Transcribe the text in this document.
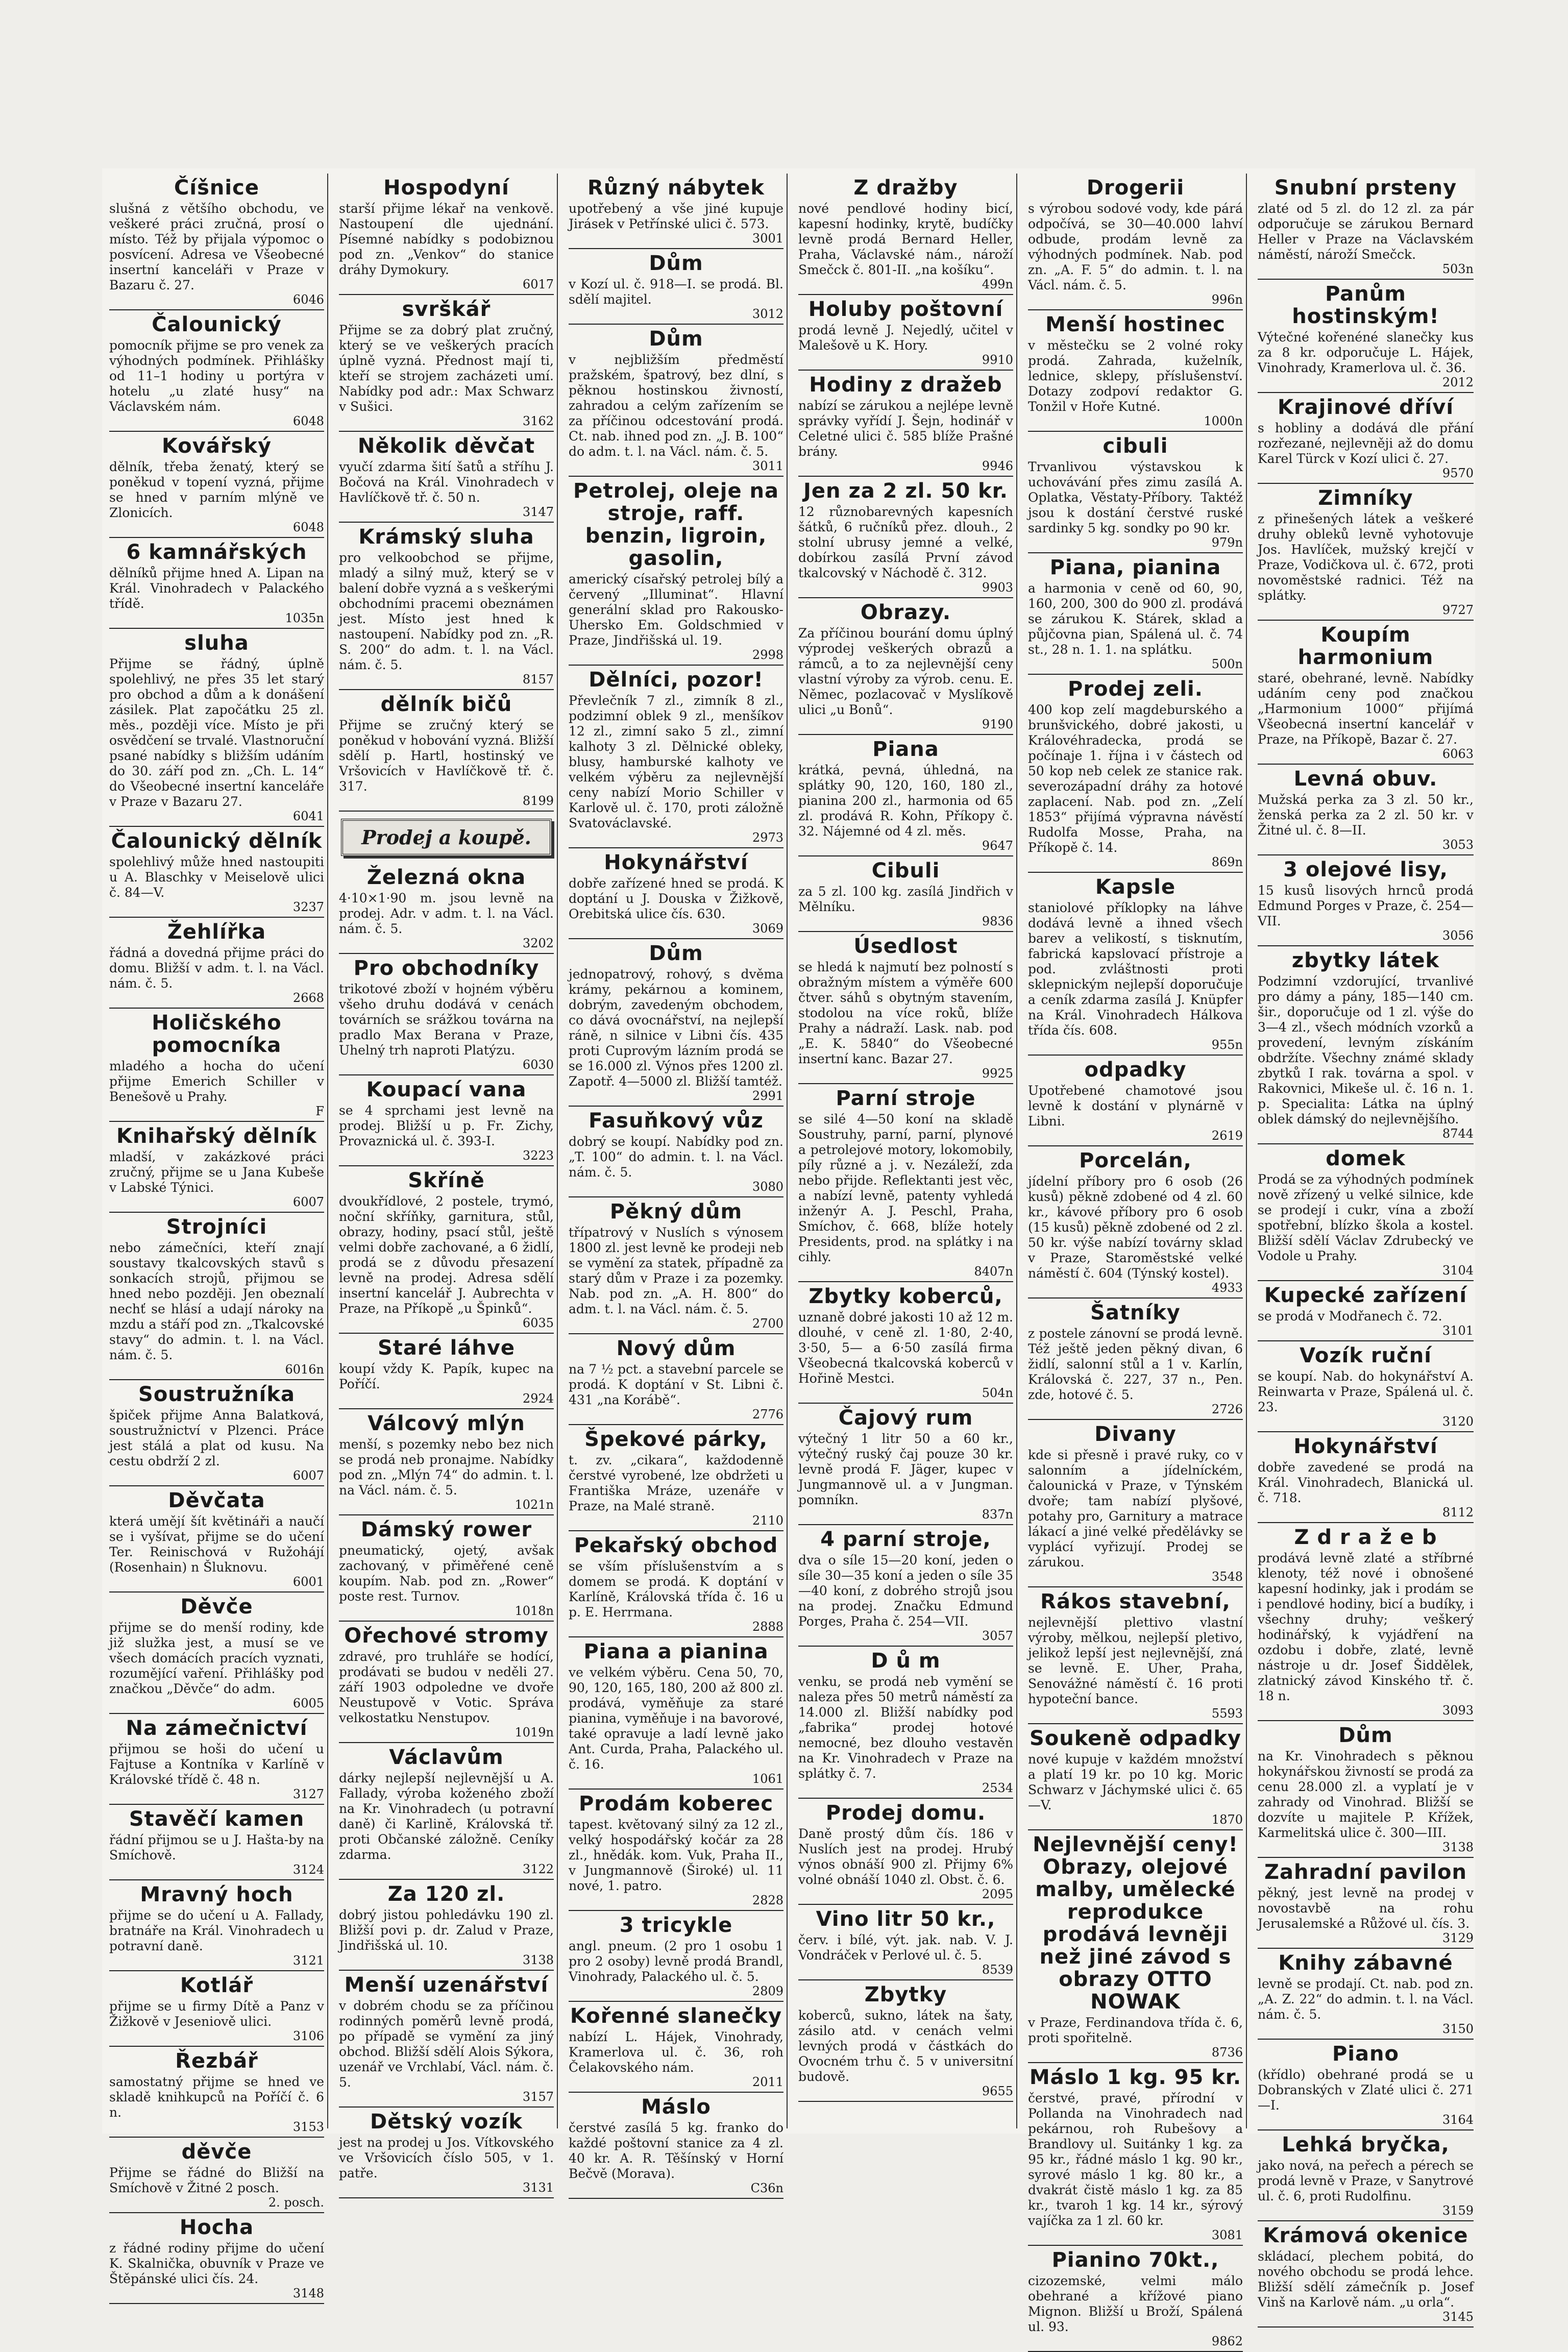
Číšnice

slušná z většího obchodu, ve veškeré práci zručná, prosí o místo. Též by přijala výpomoc o posvícení. Adresa ve Všeobecné insertní kanceláři v Praze v Bazaru č. 27.

6046
Čalounický

pomocník přijme se pro venek za výhodných podmínek. Přihlášky od 11–1 hodiny u portýra v hotelu „u zlaté husy“ na Václavském nám.

6048
Kovářský

dělník, třeba ženatý, který se poněkud v topení vyzná, přijme se hned v parním mlýně ve Zlonicích.

6048
6 kamnářských

dělníků přijme hned A. Lipan na Král. Vinohradech v Palackého třídě.

1035n
sluha

Přijme se řádný, úplně spolehlivý, ne přes 35 let starý pro obchod a dům a k donášení zásilek. Plat započátku 25 zl. měs., později více. Místo je při osvědčení se trvalé. Vlastnoruční psané nabídky s bližším udáním do 30. září pod zn. „Ch. L. 14“ do Všeobecné insertní kanceláře v Praze v Bazaru 27.

6041
Čalounický dělník

spolehlivý může hned nastoupiti u A. Blaschky v Meiselově ulici č. 84—V.

3237
Žehlířka

řádná a dovedná přijme práci do domu. Bližší v adm. t. l. na Václ. nám. č. 5.

2668
Holičského pomocníka

mladého a hocha do učení přijme Emerich Schiller v Benešově u Prahy.

F
Knihařský dělník

mladší, v zakázkové práci zručný, přijme se u Jana Kubeše v Labské Týnici.

6007
Strojníci

nebo zámečníci, kteří znají soustavy tkalcovských stavů s sonkacích strojů, přijmou se hned nebo později. Jen obeznalí nechť se hlásí a udají nároky na mzdu a stáří pod zn. „Tkalcovské stavy“ do admin. t. l. na Václ. nám. č. 5.

6016n
Soustružníka

špiček přijme Anna Balatková, soustružnictví v Plzenci. Práce jest stálá a plat od kusu. Na cestu obdrží 2 zl.

6007
Děvčata

která umějí šít květináři a naučí se i vyšívat, přijme se do učení Ter. Reinischová v Ružohájí (Rosenhain) n Šluknovu.

6001
Děvče

přijme se do menší rodiny, kde již služka jest, a musí se ve všech domácích pracích vyznati, rozumějící vaření. Přihlášky pod značkou „Děvče“ do adm.

6005
Na zámečnictví

přijmou se hoši do učení u Fajtuse a Kontníka v Karlíně v Královské třídě č. 48 n.

3127
Stavěčí kamen

řádní přijmou se u J. Hašta-by na Smíchově.

3124
Mravný hoch

přijme se do učení u A. Fallady, bratnáře na Král. Vinohradech u potravní daně.

3121
Kotlář

přijme se u firmy Dítě a Panz v Žižkově v Jeseniově ulici.

3106
Řezbář

samostatný přijme se hned ve skladě knihkupců na Poříčí č. 6 n.

3153
děvče

Přijme se řádné do Bližší na Smíchově v Žitné 2 posch.

2. posch.
Hocha

z řádné rodiny přijme do učení K. Skalnička, obuvník v Praze ve Štěpánské ulici čís. 24.

3148
Hospodyní

starší přijme lékař na venkově. Nastoupení dle ujednání. Písemné nabídky s podobiznou pod zn. „Venkov“ do stanice dráhy Dymokury.

6017
svrškář

Přijme se za dobrý plat zručný, který se ve veškerých pracích úplně vyzná. Přednost mají ti, kteří se strojem zacházeti umí. Nabídky pod adr.: Max Schwarz v Sušici.

3162
Několik děvčat

vyučí zdarma šití šatů a stříhu J. Bočová na Král. Vinohradech v Havlíčkově tř. č. 50 n.

3147
Krámský sluha

pro velkoobchod se přijme, mladý a silný muž, který se v balení dobře vyzná a s veškerými obchodními pracemi obeznámen jest. Místo jest hned k nastoupení. Nabídky pod zn. „R. S. 200“ do adm. t. l. na Václ. nám. č. 5.

8157
dělník bičů

Přijme se zručný který se poněkud v hobování vyzná. Bližší sdělí p. Hartl, hostinský ve Vršovicích v Havlíčkově tř. č. 317.

8199
Prodej a koupě.
Železná okna

4·10×1·90 m. jsou levně na prodej. Adr. v adm. t. l. na Václ. nám. č. 5.

3202
Pro obchodníky

trikotové zboží v hojném výběru všeho druhu dodává v cenách továrních se srážkou továrna na pradlo Max Berana v Praze, Uhelný trh naproti Platýzu.

6030
Koupací vana

se 4 sprchami jest levně na prodej. Bližší u p. Fr. Zichy, Provaznická ul. č. 393-I.

3223
Skříně

dvoukřídlové, 2 postele, trymó, noční skříňky, garnitura, stůl, obrazy, hodiny, psací stůl, ještě velmi dobře zachované, a 6 židlí, prodá se z důvodu přesazení levně na prodej. Adresa sdělí insertní kancelář J. Aubrechta v Praze, na Příkopě „u Špinků“.

6035
Staré láhve

koupí vždy K. Papík, kupec na Poříčí.

2924
Válcový mlýn

menší, s pozemky nebo bez nich se prodá neb pronajme. Nabídky pod zn. „Mlýn 74“ do admin. t. l. na Václ. nám. č. 5.

1021n
Dámský rower

pneumatický, ojetý, avšak zachovaný, v přiměřené ceně koupím. Nab. pod zn. „Rower“ poste rest. Turnov.

1018n
Ořechové stromy

zdravé, pro truhláře se hodící, prodávati se budou v neděli 27. září 1903 odpoledne ve dvoře Neustupově v Votic. Správa velkostatku Nenstupov.

1019n
Václavům

dárky nejlepší nejlevnější u A. Fallady, výroba koženého zboží na Kr. Vinohradech (u potravní daně) či Karlině, Královská tř. proti Občanské záložně. Ceníky zdarma.

3122
Za 120 zl.

dobrý jistou pohledávku 190 zl. Bližší povi p. dr. Zalud v Praze, Jindřišská ul. 10.

3138
Menší uzenářství

v dobrém chodu se za příčinou rodinných poměrů levně prodá, po případě se vymění za jiný obchod. Bližší sdělí Alois Sýkora, uzenář ve Vrchlabí, Václ. nám. č. 5.

3157
Dětský vozík

jest na prodej u Jos. Vítkovského ve Vršovicích číslo 505, v 1. patře.

3131
Různý nábytek

upotřebený a vše jiné kupuje Jirásek v Petřínské ulici č. 573.

3001
Dům

v Kozí ul. č. 918—I. se prodá. Bl. sdělí majitel.

3012
Dům

v nejbližším předměstí pražském, špatrový, bez dlní, s pěknou hostinskou živností, zahradou a celým zařízením se za příčinou odcestování prodá. Ct. nab. ihned pod zn. „J. B. 100“ do adm. t. l. na Václ. nám. č. 5.

3011
Petrolej, oleje na stroje, raff. benzin, ligroin, gasolin,

americký císařský petrolej bílý a červený „Illuminat“. Hlavní generální sklad pro Rakousko-Uhersko Em. Goldschmied v Praze, Jindřišská ul. 19.

2998
Dělníci, pozor!

Převlečník 7 zl., zimník 8 zl., podzimní oblek 9 zl., menšíkov 12 zl., zimní sako 5 zl., zimní kalhoty 3 zl. Dělnické obleky, blusy, hamburské kalhoty ve velkém výběru za nejlevnější ceny nabízí Morio Schiller v Karlově ul. č. 170, proti záložně Svatováclavské.

2973
Hokynářství

dobře zařízené hned se prodá. K doptání u J. Douska v Žižkově, Orebitská ulice čís. 630.

3069
Dům

jednopatrový, rohový, s dvěma krámy, pekárnou a kominem, dobrým, zavedeným obchodem, co dává ovocnářství, na nejlepší ráně, n silnice v Libni čís. 435 proti Cuprovým lázním prodá se se 16.000 zl. Výnos přes 1200 zl. Zapotř. 4—5000 zl. Bližší tamtéž.

2991
Fasuňkový vůz

dobrý se koupí. Nabídky pod zn. „T. 100“ do admin. t. l. na Václ. nám. č. 5.

3080
Pěkný dům

třípatrový v Nuslích s výnosem 1800 zl. jest levně ke prodeji neb se vymění za statek, případně za starý dům v Praze i za pozemky. Nab. pod zn. „A. H. 800“ do adm. t. l. na Václ. nám. č. 5.

2700
Nový dům

na 7 ½ pct. a stavební parcele se prodá. K doptání v St. Libni č. 431 „na Korábě“.

2776
Špekové párky,

t. zv. „cikara“, každodenně čerstvé vyrobené, lze obdržeti u Františka Mráze, uzenáře v Praze, na Malé straně.

2110
Pekařský obchod

se vším příslušenstvím a s domem se prodá. K doptání v Karlíně, Královská třída č. 16 u p. E. Herrmana.

2888
Piana a pianina

ve velkém výběru. Cena 50, 70, 90, 120, 165, 180, 200 až 800 zl. prodává, vyměňuje za staré pianina, vyměňuje i na bavorové, také opravuje a ladí levně jako Ant. Curda, Praha, Palackého ul. č. 16.

1061
Prodám koberec

tapest. květovaný silný za 12 zl., velký hospodářský kočár za 28 zl., hnědák. kom. Vuk, Praha II., v Jungmannově (Široké) ul. 11 nové, 1. patro.

2828
3 tricykle

angl. pneum. (2 pro 1 osobu 1 pro 2 osoby) levně prodá Brandl, Vinohrady, Palackého ul. č. 5.

2809
Kořenné slanečky

nabízí L. Hájek, Vinohrady, Kramerlova ul. č. 36, roh Čelakovského nám.

2011
Máslo

čerstvé zasílá 5 kg. franko do každé poštovní stanice za 4 zl. 40 kr. A. R. Těšínský v Horní Bečvě (Morava).

C36n
Z dražby

nové pendlové hodiny bicí, kapesní hodinky, krytě, budíčky levně prodá Bernard Heller, Praha, Václavské nám., nároží Smečck č. 801-II. „na košíku“.

499n
Holuby poštovní

prodá levně J. Nejedlý, učitel v Malešově u K. Hory.

9910
Hodiny z dražeb

nabízí se zárukou a nejlépe levně správky vyřídí J. Šejn, hodinář v Celetné ulici č. 585 blíže Prašné brány.

9946
Jen za 2 zl. 50 kr.

12 různobarevných kapesních šátků, 6 ručníků přez. dlouh., 2 stolní ubrusy jemné a velké, dobírkou zasílá První závod tkalcovský v Náchodě č. 312.

9903
Obrazy.

Za příčinou bourání domu úplný výprodej veškerých obrazů a rámců, a to za nejlevnější ceny vlastní výroby za výrob. cenu. E. Němec, pozlacovač v Myslíkově ulici „u Bonů“.

9190
Piana

krátká, pevná, úhledná, na splátky 90, 120, 160, 180 zl., pianina 200 zl., harmonia od 65 zl. prodává R. Kohn, Příkopy č. 32. Nájemné od 4 zl. měs.

9647
Cibuli

za 5 zl. 100 kg. zasílá Jindřich v Mělníku.

9836
Úsedlost

se hledá k najmutí bez polností s obražným místem a výměře 600 čtver. sáhů s obytným stavením, stodolou na více roků, blíže Prahy a nádraží. Lask. nab. pod „E. K. 5840“ do Všeobecné insertní kanc. Bazar 27.

9925
Parní stroje

se silé 4—50 koní na skladě Soustruhy, parní, parní, plynové a petrolejové motory, lokomobily, píly různé a j. v. Nezáleží, zda nebo přijde. Reflektanti jest věc, a nabízí levně, patenty vyhledá inženýr A. J. Peschl, Praha, Smíchov, č. 668, blíže hotely Presidents, prod. na splátky i na cihly.

8407n
Zbytky koberců,

uznaně dobré jakosti 10 až 12 m. dlouhé, v ceně zl. 1·80, 2·40, 3·50, 5— a 6·50 zasílá firma Všeobecná tkalcovská koberců v Hořině Mestci.

504n
Čajový rum

výtečný 1 litr 50 a 60 kr., výtečný ruský čaj pouze 30 kr. levně prodá F. Jäger, kupec v Jungmannově ul. a v Jungman. pomníkn.

837n
4 parní stroje,

dva o síle 15—20 koní, jeden o síle 30—35 koní a jeden o síle 35—40 koní, z dobrého strojů jsou na prodej. Značku Edmund Porges, Praha č. 254—VII.

3057
D ů m

venku, se prodá neb vymění se naleza přes 50 metrů náměstí za 14.000 zl. Bližší nabídky pod „fabrika“ prodej hotové nemocné, bez dlouho vestavěn na Kr. Vinohradech v Praze na splátky č. 7.

2534
Prodej domu.

Daně prostý dům čís. 186 v Nuslích jest na prodej. Hrubý výnos obnáší 900 zl. Přijmy 6% volné obnáší 1040 zl. Obst. č. 6.

2095
Vino litr 50 kr.,

červ. i bílé, výt. jak. nab. V. J. Vondráček v Perlové ul. č. 5.

8539
Zbytky

koberců, sukno, látek na šaty, zásilo atd. v cenách velmi levných prodá v částkách do Ovocném trhu č. 5 v universitní budově.

9655
Drogerii

s výrobou sodové vody, kde párá odpočívá, se 30—40.000 lahví odbude, prodám levně za výhodných podmínek. Nab. pod zn. „A. F. 5“ do admin. t. l. na Václ. nám. č. 5.

996n
Menší hostinec

v městečku se 2 volné roky prodá. Zahrada, kuželník, lednice, sklepy, příslušenství. Dotazy zodpoví redaktor G. Tonžil v Hoře Kutné.

1000n
cibuli

Trvanlivou výstavskou k uchovávání přes zimu zasílá A. Oplatka, Věstaty-Příbory. Taktéž jsou k dostání čerstvé ruské sardinky 5 kg. sondky po 90 kr.

979n
Piana, pianina

a harmonia v ceně od 60, 90, 160, 200, 300 do 900 zl. prodává se zárukou K. Stárek, sklad a půjčovna pian, Spálená ul. č. 74 st., 28 n. 1. 1. na splátku.

500n
Prodej zeli.

400 kop zelí magdeburského a brunšvického, dobré jakosti, u Královéhradecka, prodá se počínaje 1. října i v částech od 50 kop neb celek ze stanice rak. severozápadní dráhy za hotové zaplacení. Nab. pod zn. „Zelí 1853“ přijímá výpravna návěstí Rudolfa Mosse, Praha, na Příkopě č. 14.

869n
Kapsle

staniolové příklopky na láhve dodává levně a ihned všech barev a velikostí, s tisknutím, fabrická kapslovací přístroje a pod. zvláštnosti proti sklepnickým nejlepší doporučuje a ceník zdarma zasílá J. Knüpfer na Král. Vinohradech Hálkova třída čís. 608.

955n
odpadky

Upotřebené chamotové jsou levně k dostání v plynárně v Libni.

2619
Porcelán,

jídelní příbory pro 6 osob (26 kusů) pěkně zdobené od 4 zl. 60 kr., kávové příbory pro 6 osob (15 kusů) pěkně zdobené od 2 zl. 50 kr. výše nabízí továrny sklad v Praze, Staroměstské velké náměstí č. 604 (Týnský kostel).

4933
Šatníky

z postele zánovní se prodá levně. Též ještě jeden pěkný divan, 6 židlí, salonní stůl a 1 v. Karlín, Královská č. 227, 37 n., Pen. zde, hotové č. 5.

2726
Divany

kde si přesně i pravé ruky, co v salonním a jídelníckém, čalounická v Praze, v Týnském dvoře; tam nabízí plyšové, potahy pro, Garnitury a matrace lákací a jiné velké předělávky se vyplácí vyřizují. Prodej se zárukou.

3548
Rákos stavební,

nejlevnější plettivo vlastní výroby, mělkou, nejlepší pletivo, jelikož lepší jest nejlevnější, zná se levně. E. Uher, Praha, Senovážné náměstí č. 16 proti hypoteční bance.

5593
Soukeně odpadky

nové kupuje v každém množství a platí 19 kr. po 10 kg. Moric Schwarz v Jáchymské ulici č. 65—V.

1870
Nejlevnější ceny! Obrazy, olejové malby, umělecké reprodukce prodává levněji než jiné závod s obrazy OTTO NOWAK

v Praze, Ferdinandova třída č. 6, proti spořitelně.

8736
Máslo 1 kg. 95 kr.

čerstvé, pravé, přírodní v Pollanda na Vinohradech nad pekárnou, roh Rubešovy a Brandlovy ul. Suitánky 1 kg. za 95 kr., řádné máslo 1 kg. 90 kr., syrové máslo 1 kg. 80 kr., a dvakrát čistě máslo 1 kg. za 85 kr., tvaroh 1 kg. 14 kr., sýrový vajíčka za 1 zl. 60 kr.

3081
Pianino 70kt.,

cizozemské, velmi málo obehrané a křížové piano Mignon. Bližší u Broží, Spálená ul. 93.

9862
Snubní prsteny

zlaté od 5 zl. do 12 zl. za pár odporučuje se zárukou Bernard Heller v Praze na Václavském náměstí, nároží Smečck.

503n
Panům hostinským!

Výtečné kořenéné slanečky kus za 8 kr. odporučuje L. Hájek, Vinohrady, Kramerlova ul. č. 36.

2012
Krajinové dříví

s hobliny a dodává dle přání rozřezané, nejlevněji až do domu Karel Türck v Kozí ulici č. 27.

9570
Zimníky

z přinešených látek a veškeré druhy obleků levně vyhotovuje Jos. Havlíček, mužský krejčí v Praze, Vodičkova ul. č. 672, proti novoměstské radnici. Též na splátky.

9727
Koupím harmonium

staré, obehrané, levně. Nabídky udáním ceny pod značkou „Harmonium 1000“ přijímá Všeobecná insertní kancelář v Praze, na Příkopě, Bazar č. 27.

6063
Levná obuv.

Mužská perka za 3 zl. 50 kr., ženská perka za 2 zl. 50 kr. v Žitné ul. č. 8—II.

3053
3 olejové lisy,

15 kusů lisových hrnců prodá Edmund Porges v Praze, č. 254—VII.

3056
zbytky látek

Podzimní vzdorující, trvanlivé pro dámy a pány, 185—140 cm. šir., doporučuje od 1 zl. výše do 3—4 zl., všech módních vzorků a provedení, levným získáním obdržíte. Všechny známé sklady zbytků I rak. továrna a spol. v Rakovnici, Mikeše ul. č. 16 n. 1. p. Specialita: Látka na úplný oblek dámský do nejlevnějšího.

8744
domek

Prodá se za výhodných podmínek nově zřízený u velké silnice, kde se prodejí i cukr, vína a zboží spotřební, blízko škola a kostel. Bližší sdělí Václav Zdrubecký ve Vodole u Prahy.

3104
Kupecké zařízení

se prodá v Modřanech č. 72.

3101
Vozík ruční

se koupí. Nab. do hokynářství A. Reinwarta v Praze, Spálená ul. č. 23.

3120
Hokynářství

dobře zavedené se prodá na Král. Vinohradech, Blanická ul. č. 718.

8112
Z d r a ž e b

prodává levně zlaté a stříbrné klenoty, též nové i obnošené kapesní hodinky, jak i prodám se i pendlové hodiny, bicí a budíky, i všechny druhy; veškerý hodinářský, k vyjádření na ozdobu i dobře, zlaté, levně nástroje u dr. Josef Šiddělek, zlatnický závod Kinského tř. č. 18 n.

3093
Dům

na Kr. Vinohradech s pěknou hokynářskou živností se prodá za cenu 28.000 zl. a vyplatí je v zahrady od Vinohrad. Bližší se dozvíte u majitele P. Křížek, Karmelitská ulice č. 300—III.

3138
Zahradní pavilon

pěkný, jest levně na prodej v novostavbě na rohu Jerusalemské a Růžové ul. čís. 3.

3129
Knihy zábavné

levně se prodají. Ct. nab. pod zn. „A. Z. 22“ do admin. t. l. na Václ. nám. č. 5.

3150
Piano

(křídlo) obehrané prodá se u Dobranských v Zlaté ulici č. 271—I.

3164
Lehká bryčka,

jako nová, na peřech a pérech se prodá levně v Praze, v Sanytrové ul. č. 6, proti Rudolfinu.

3159
Krámová okenice

skládací, plechem pobitá, do nového obchodu se prodá lehce. Bližší sdělí zámečník p. Josef Vinš na Karlově nám. „u orla“.

3145
